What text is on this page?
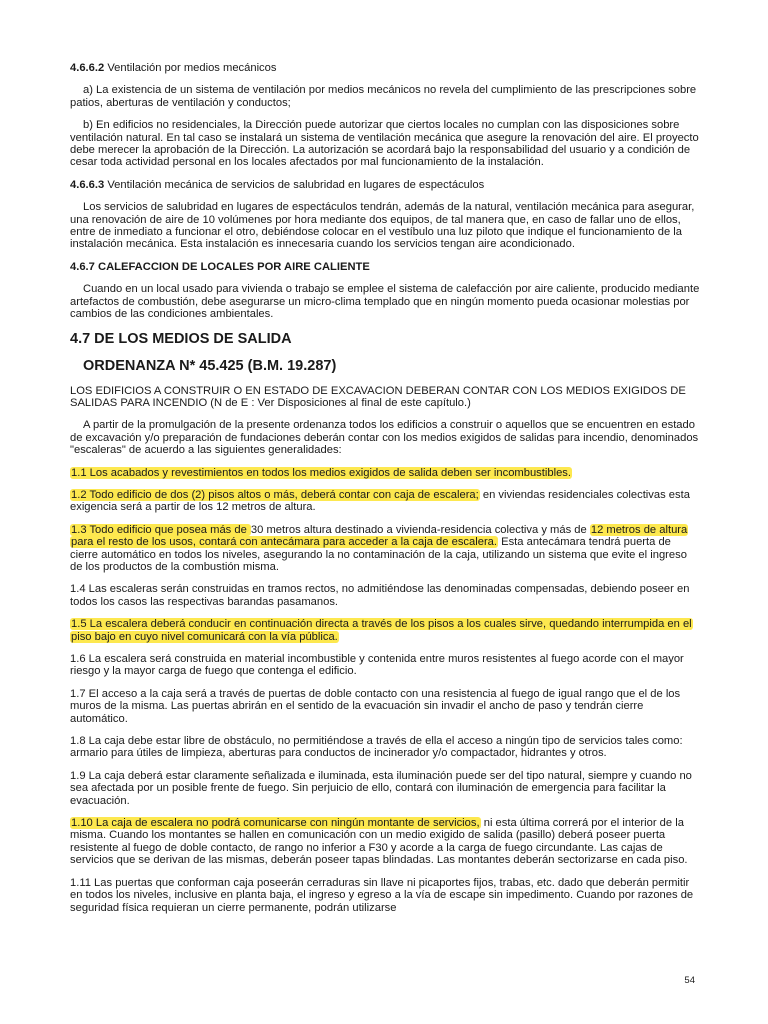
4.6.6.2 Ventilación por medios mecánicos

a) La existencia de un sistema de ventilación por medios mecánicos no revela del cumplimiento de las prescripciones sobre patios, aberturas de ventilación y conductos;

b) En edificios no residenciales, la Dirección puede autorizar que ciertos locales no cumplan con las disposiciones sobre ventilación natural. En tal caso se instalará un sistema de ventilación mecánica que asegure la renovación del aire. El proyecto debe merecer la aprobación de la Dirección. La autorización se acordará bajo la responsabilidad del usuario y a condición de cesar toda actividad personal en los locales afectados por mal funcionamiento de la instalación.

4.6.6.3 Ventilación mecánica de servicios de salubridad en lugares de espectáculos

Los servicios de salubridad en lugares de espectáculos tendrán, además de la natural, ventilación mecánica para asegurar, una renovación de aire de 10 volúmenes por hora mediante dos equipos, de tal manera que, en caso de fallar uno de ellos, entre de inmediato a funcionar el otro, debiéndose colocar en el vestíbulo una luz piloto que indique el funcionamiento de la instalación mecánica. Esta instalación es innecesaria cuando los servicios tengan aire acondicionado.

4.6.7 CALEFACCION DE LOCALES POR AIRE CALIENTE

Cuando en un local usado para vivienda o trabajo se emplee el sistema de calefacción por aire caliente, producido mediante artefactos de combustión, debe asegurarse un micro-clima templado que en ningún momento pueda ocasionar molestias por cambios de las condiciones ambientales.

4.7 DE LOS MEDIOS DE SALIDA
ORDENANZA N* 45.425 (B.M. 19.287)

LOS EDIFICIOS A CONSTRUIR O EN ESTADO DE EXCAVACION DEBERAN CONTAR CON LOS MEDIOS EXIGIDOS DE SALIDAS PARA INCENDIO (N de E : Ver Disposiciones al final de este capítulo.)

A partir de la promulgación de la presente ordenanza todos los edificios a construir o aquellos que se encuentren en estado de excavación y/o preparación de fundaciones deberán contar con los medios exigidos de salidas para incendio, denominados "escaleras" de acuerdo a las siguientes generalidades:

1.1 Los acabados y revestimientos en todos los medios exigidos de salida deben ser incombustibles.

1.2 Todo edificio de dos (2) pisos altos o más, deberá contar con caja de escalera; en viviendas residenciales colectivas esta exigencia será a partir de los 12 metros de altura.

1.3 Todo edificio que posea más de 30 metros altura destinado a vivienda-residencia colectiva y más de 12 metros de altura para el resto de los usos, contará con antecámara para acceder a la caja de escalera. Esta antecámara tendrá puerta de cierre automático en todos los niveles, asegurando la no contaminación de la caja, utilizando un sistema que evite el ingreso de los productos de la combustión misma.

1.4 Las escaleras serán construidas en tramos rectos, no admitiéndose las denominadas compensadas, debiendo poseer en todos los casos las respectivas barandas pasamanos.

1.5 La escalera deberá conducir en continuación directa a través de los pisos a los cuales sirve, quedando interrumpida en el piso bajo en cuyo nivel comunicará con la vía pública.

1.6 La escalera será construida en material incombustible y contenida entre muros resistentes al fuego acorde con el mayor riesgo y la mayor carga de fuego que contenga el edificio.

1.7 El acceso a la caja será a través de puertas de doble contacto con una resistencia al fuego de igual rango que el de los muros de la misma. Las puertas abrirán en el sentido de la evacuación sin invadir el ancho de paso y tendrán cierre automático.

1.8 La caja debe estar libre de obstáculo, no permitiéndose a través de ella el acceso a ningún tipo de servicios tales como: armario para útiles de limpieza, aberturas para conductos de incinerador y/o compactador, hidrantes y otros.

1.9 La caja deberá estar claramente señalizada e iluminada, esta iluminación puede ser del tipo natural, siempre y cuando no sea afectada por un posible frente de fuego. Sin perjuicio de ello, contará con iluminación de emergencia para facilitar la evacuación.

1.10 La caja de escalera no podrá comunicarse con ningún montante de servicios, ni esta última correrá por el interior de la misma. Cuando los montantes se hallen en comunicación con un medio exigido de salida (pasillo) deberá poseer puerta resistente al fuego de doble contacto, de rango no inferior a F30 y acorde a la carga de fuego circundante. Las cajas de servicios que se derivan de las mismas, deberán poseer tapas blindadas. Las montantes deberán sectorizarse en cada piso.

1.11 Las puertas que conforman caja poseerán cerraduras sin llave ni picaportes fijos, trabas, etc. dado que deberán permitir en todos los niveles, inclusive en planta baja, el ingreso y egreso a la vía de escape sin impedimento. Cuando por razones de seguridad física requieran un cierre permanente, podrán utilizarse

54
